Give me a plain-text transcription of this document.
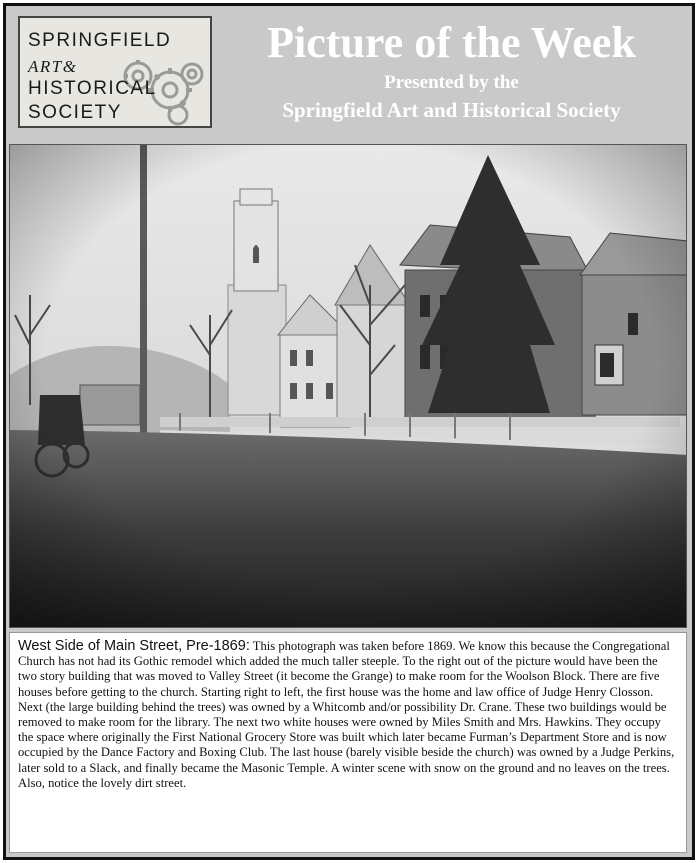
SPRINGFIELD
ART&
HISTORICAL
SOCIETY
Picture of the Week
Presented by the
Springfield Art and Historical Society
West Side of Main Street, Pre-1869: This photograph was taken before 1869. We know this because the Congregational Church has not had its Gothic remodel which added the much taller steeple. To the right out of the picture would have been the two story building that was moved to Valley Street (it become the Grange) to make room for the Woolson Block. There are five houses before getting to the church. Starting right to left, the first house was the home and law office of Judge Henry Closson. Next (the large building behind the trees) was owned by a Whitcomb and/or possibility Dr. Crane. These two buildings would be removed to make room for the library. The next two white houses were owned by Miles Smith and Mrs. Hawkins. They occupy the space where originally the First National Grocery Store was built which later became Furman’s Department Store and is now occupied by the Dance Factory and Boxing Club. The last house (barely visible beside the church) was owned by a Judge Perkins, later sold to a Slack, and finally became the Masonic Temple. A winter scene with snow on the ground and no leaves on the trees. Also, notice the lovely dirt street.
